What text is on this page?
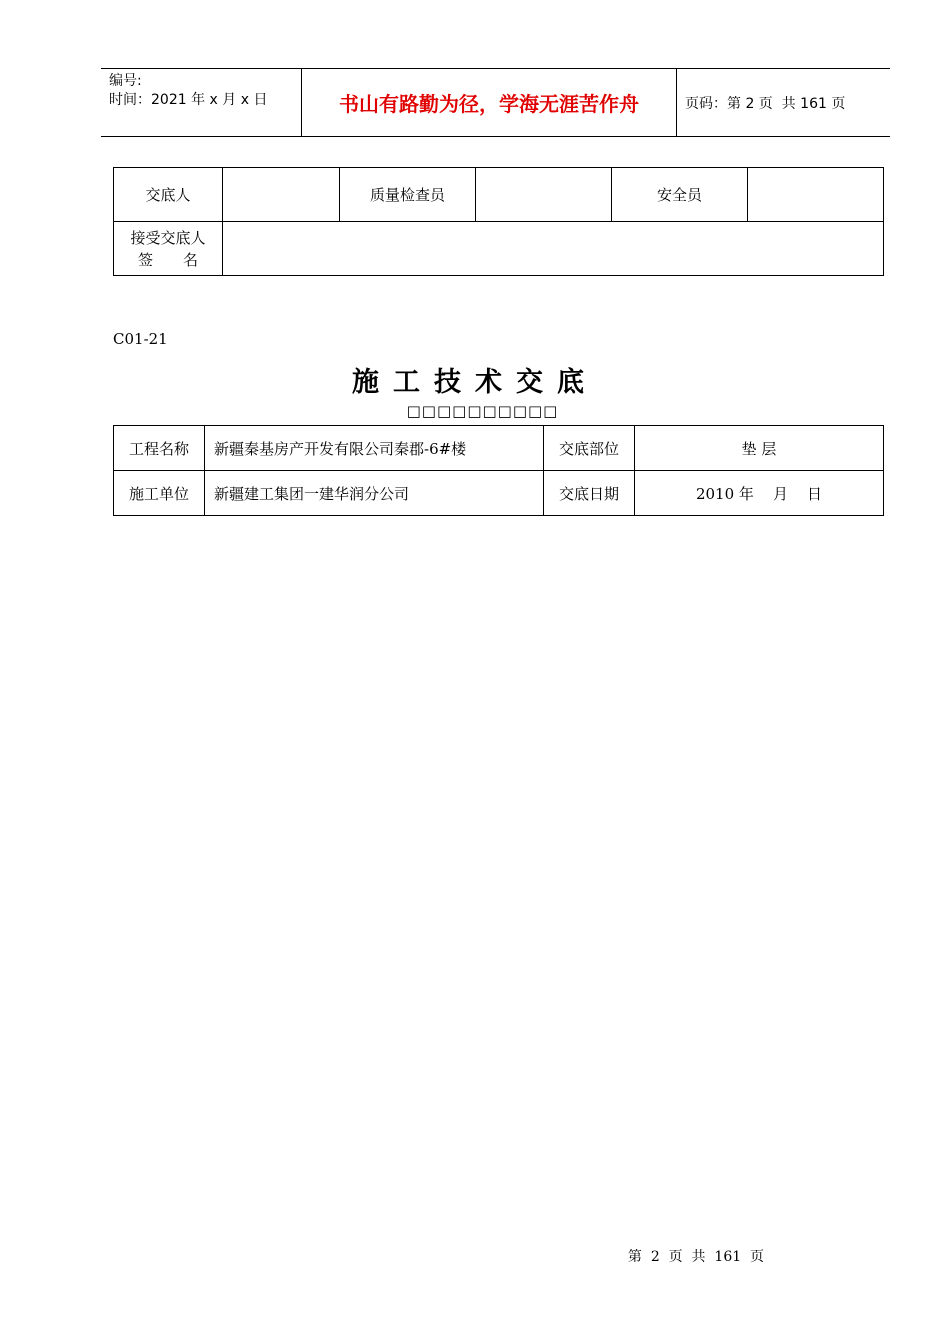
编号:
时间：2021 年 x 月 x 日	书山有路勤为径，学海无涯苦作舟	页码：第 2 页  共 161 页
交底人		质量检查员		安全员	

接受交底人
签　　名					

C01-21
施工技术交底
□□□□□□□□□□
工程名称	新疆秦基房产开发有限公司秦郡-6#楼	交底部位	垫 层
施工单位	新疆建工集团一建华润分公司	交底日期	2010 年    月    日
第  2  页  共  161  页
